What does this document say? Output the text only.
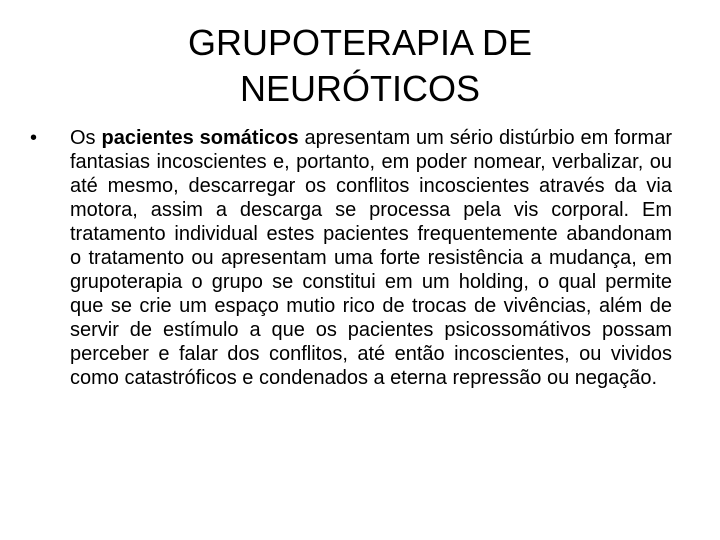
GRUPOTERAPIA DE
NEURÓTICOS
•	Os pacientes somáticos apresentam um sério distúrbio em formar fantasias incoscientes e, portanto, em poder nomear, verbalizar, ou até mesmo, descarregar os conflitos incoscientes através da via motora, assim a descarga se processa pela vis corporal. Em tratamento individual estes pacientes frequentemente abandonam o tratamento ou apresentam uma forte resistência a mudança, em grupoterapia o grupo se constitui em um holding, o qual permite que se crie um espaço mutio rico de trocas de vivências, além de servir de estímulo a que os pacientes psicossomátivos possam perceber e falar dos conflitos, até então incoscientes, ou vividos como catastróficos e condenados a eterna repressão ou negação.
